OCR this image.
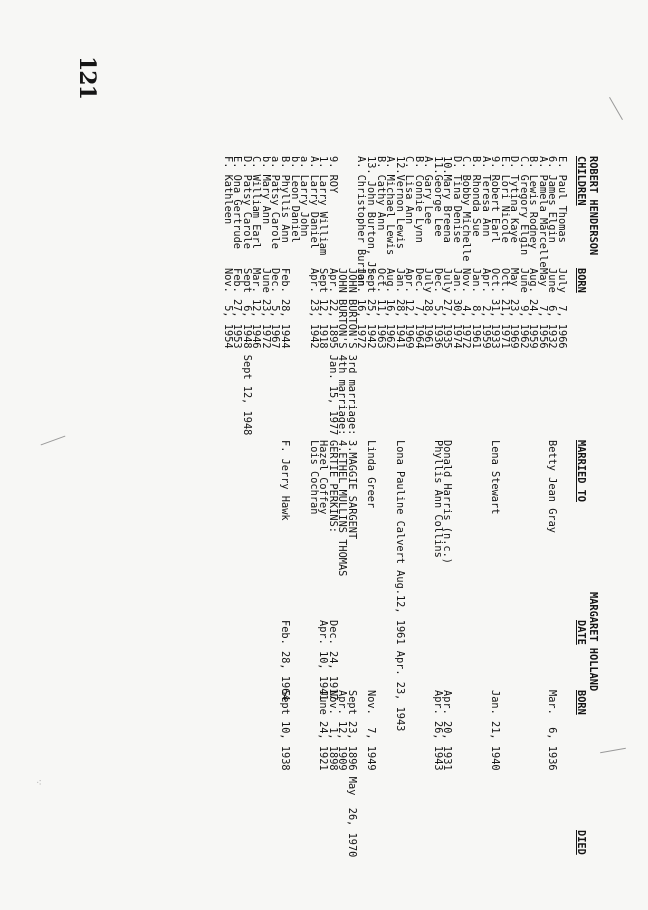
121
ROBERT HENDERSON
MARGARET HOLLAND
CHILDREN
E. Paul Thomas
6. James Elgin
A. Pamela Marcelle
B. Lewis Rodney
C. Gregory Elgin
D. Tytina Kaye
E. Lori Nicole
9. Robert Earl
A. Teresa Ann
B. Rhonda Sue
C. Bobby Michelle
D. Tina Denise
10.Mary Breena
11.George Lee
A. Gary Lee
B. Connie Lynn
C. Lisa Ann
12.Vernon Lewis
A. Michael Lewis
B. Cathy Ann
13. John Burton, Jr.
A. Christopher Burton
9. ROY
1. Larry William
A. Larry Daniel
a. Larry John
b. Leon Daniel
B. Phyllis Ann
a. Patsy Carole
b. Mary Ann
C. William Earl
D. Patsy Carole
E. Ona Gertrude
F. Kathleen
BORN
July  7, 1966
June  6, 1932
May   7, 1956
Aug. 24, 1959
June  9, 1962
May  23, 1969
Oct. 21, 1971
Oct. 31, 1933
Apr.  2, 1959
Jan.  8, 1961
Nov.  4, 1972
Jan. 30, 1974
July 27, 1935
Dec.  5, 1936
July 28, 1961
Dec.  7, 1964
Apr. 12, 1969
Jan. 28, 1941
Aug. 16, 1962
Oct. 11, 1963
Sept 25, 1942
Jan. 16, 1972
JOHN BURTON'S 3rd marriage:
JOHN BURTON'S 4th marriage:
Apr. 22, 1895 Jan. 15, 1977
Sept 12, 1918
Apr. 23, 1942
Feb. 28, 1944
Dec.  5, 1967
June 23, 1972
Mar. 12, 1946
Sept  6, 1948 Sept 12, 1948
Feb. 27, 1953
Nov.  5, 1954
MARRIED TO
Betty Jean Gray
Lena Stewart
Donald Harris (n.c.)
Phyllis Ann Collins
Lona Pauline Calvert Aug.12, 1961 Apr. 23, 1943
Linda Greer
3.MAGGIE SARGENT
4.ETHEL MULLINS THOMAS
GERTIE PERKINS:
Hazel Coffey
Lois Cochran
F. Jerry Hawk
DATE
Dec. 24, 1917
Apr. 10, 1941
Feb. 28, 1964
BORN
Mar.  6, 1936
Jan. 21, 1940
Apr. 20, 1931
Apr. 26, 1943
Nov.  7, 1949
Sept 23, 1896 May  26, 1970
Apr. 12, 1909
Nov.  1, 1898
June 24, 1921
Sept 10, 1938
DIED
⁖
